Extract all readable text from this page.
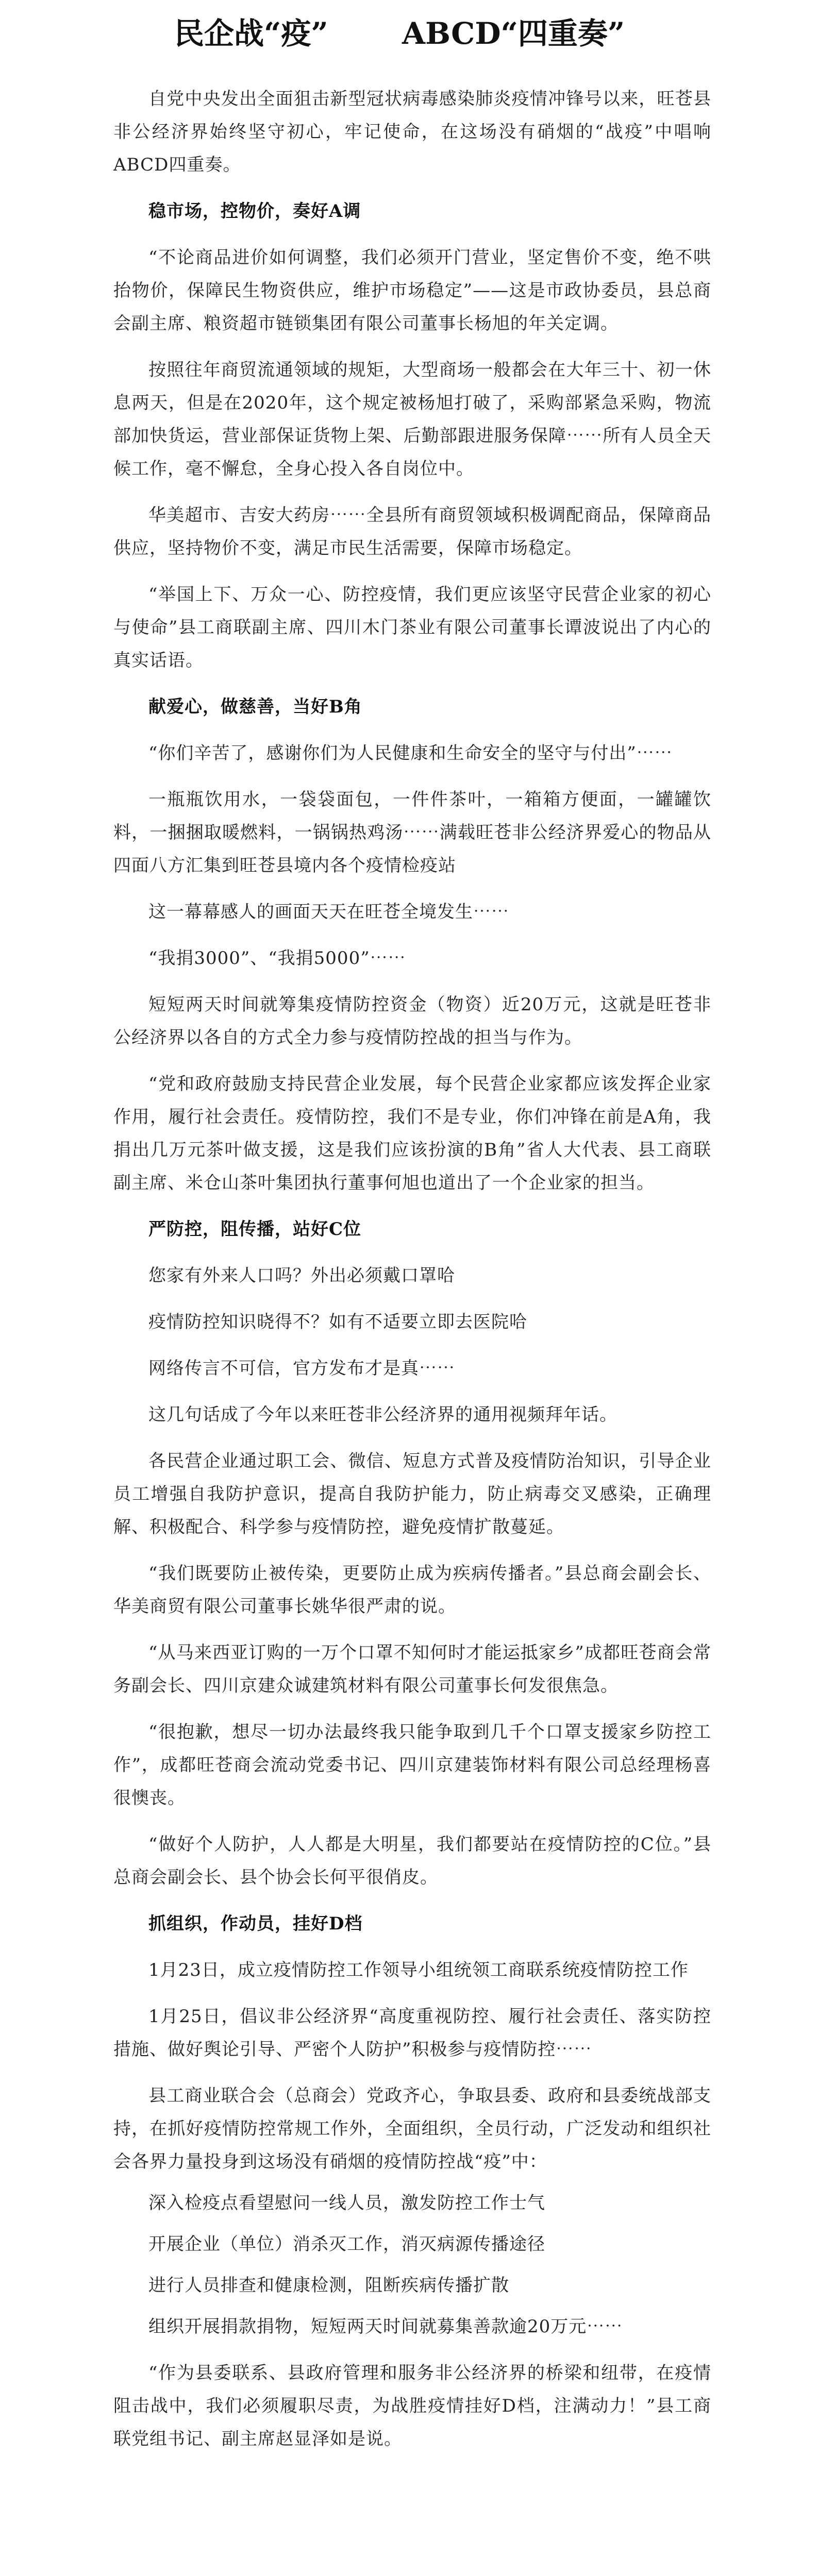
民企战“疫” ABCD“四重奏”

自党中央发出全面狙击新型冠状病毒感染肺炎疫情冲锋号以来，旺苍县非公经济界始终坚守初心，牢记使命，在这场没有硝烟的“战疫”中唱响ABCD四重奏。

稳市场，控物价，奏好A调

“不论商品进价如何调整，我们必须开门营业，坚定售价不变，绝不哄抬物价，保障民生物资供应，维护市场稳定”——这是市政协委员，县总商会副主席、粮资超市链锁集团有限公司董事长杨旭的年关定调。

按照往年商贸流通领域的规矩，大型商场一般都会在大年三十、初一休息两天，但是在2020年，这个规定被杨旭打破了，采购部紧急采购，物流部加快货运，营业部保证货物上架、后勤部跟进服务保障⋯⋯所有人员全天候工作，毫不懈怠，全身心投入各自岗位中。

华美超市、吉安大药房⋯⋯全县所有商贸领域积极调配商品，保障商品供应，坚持物价不变，满足市民生活需要，保障市场稳定。

“举国上下、万众一心、防控疫情，我们更应该坚守民营企业家的初心与使命”县工商联副主席、四川木门茶业有限公司董事长谭波说出了内心的真实话语。

献爱心，做慈善，当好B角

“你们辛苦了，感谢你们为人民健康和生命安全的坚守与付出”⋯⋯

一瓶瓶饮用水，一袋袋面包，一件件茶叶，一箱箱方便面，一罐罐饮料，一捆捆取暖燃料，一锅锅热鸡汤⋯⋯满载旺苍非公经济界爱心的物品从四面八方汇集到旺苍县境内各个疫情检疫站

这一幕幕感人的画面天天在旺苍全境发生⋯⋯

“我捐3000”、“我捐5000”⋯⋯

短短两天时间就筹集疫情防控资金（物资）近20万元，这就是旺苍非公经济界以各自的方式全力参与疫情防控战的担当与作为。

“党和政府鼓励支持民营企业发展，每个民营企业家都应该发挥企业家作用，履行社会责任。疫情防控，我们不是专业，你们冲锋在前是A角，我捐出几万元茶叶做支援，这是我们应该扮演的B角”省人大代表、县工商联副主席、米仓山茶叶集团执行董事何旭也道出了一个企业家的担当。

严防控，阻传播，站好C位

您家有外来人口吗？外出必须戴口罩哈

疫情防控知识晓得不？如有不适要立即去医院哈

网络传言不可信，官方发布才是真⋯⋯

这几句话成了今年以来旺苍非公经济界的通用视频拜年话。

各民营企业通过职工会、微信、短息方式普及疫情防治知识，引导企业员工增强自我防护意识，提高自我防护能力，防止病毒交叉感染，正确理解、积极配合、科学参与疫情防控，避免疫情扩散蔓延。

“我们既要防止被传染，更要防止成为疾病传播者。”县总商会副会长、华美商贸有限公司董事长姚华很严肃的说。

“从马来西亚订购的一万个口罩不知何时才能运抵家乡”成都旺苍商会常务副会长、四川京建众诚建筑材料有限公司董事长何发很焦急。

“很抱歉，想尽一切办法最终我只能争取到几千个口罩支援家乡防控工作”，成都旺苍商会流动党委书记、四川京建装饰材料有限公司总经理杨喜很懊丧。

“做好个人防护，人人都是大明星，我们都要站在疫情防控的C位。”县总商会副会长、县个协会长何平很俏皮。

抓组织，作动员，挂好D档

1月23日，成立疫情防控工作领导小组统领工商联系统疫情防控工作

1月25日，倡议非公经济界“高度重视防控、履行社会责任、落实防控措施、做好舆论引导、严密个人防护”积极参与疫情防控⋯⋯

县工商业联合会（总商会）党政齐心，争取县委、政府和县委统战部支持，在抓好疫情防控常规工作外，全面组织，全员行动，广泛发动和组织社会各界力量投身到这场没有硝烟的疫情防控战“疫”中：

深入检疫点看望慰问一线人员，激发防控工作士气

开展企业（单位）消杀灭工作，消灭病源传播途径

进行人员排查和健康检测，阻断疾病传播扩散

组织开展捐款捐物，短短两天时间就募集善款逾20万元⋯⋯

“作为县委联系、县政府管理和服务非公经济界的桥梁和纽带，在疫情阻击战中，我们必须履职尽责，为战胜疫情挂好D档，注满动力！”县工商联党组书记、副主席赵显泽如是说。
